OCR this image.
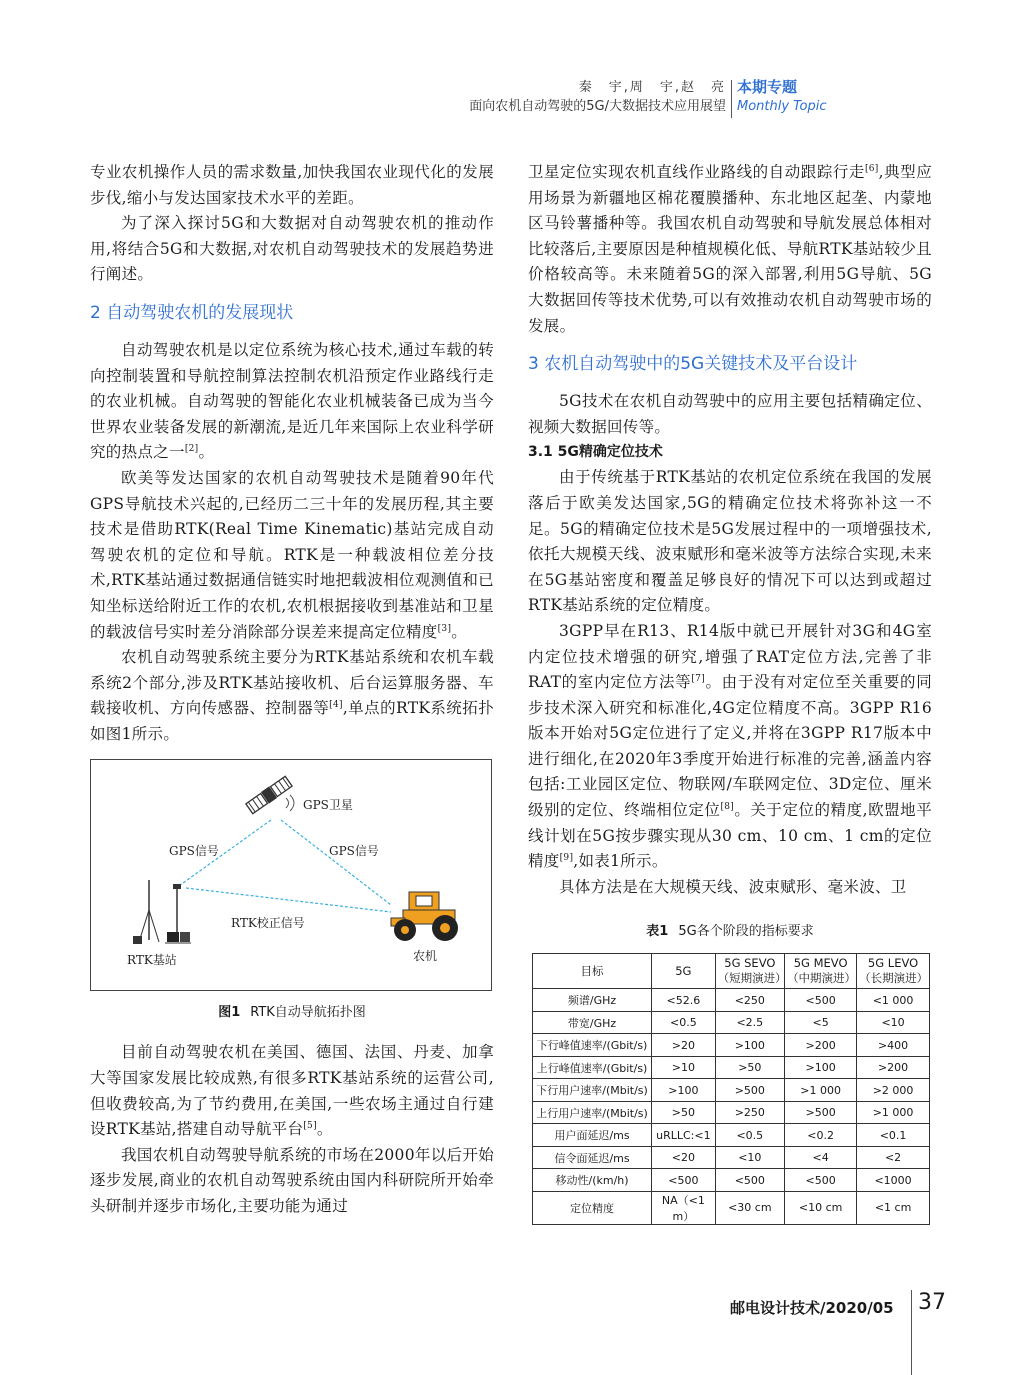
秦　宇,周　宇,赵　亮
面向农机自动驾驶的5G/大数据技术应用展望
本期专题
Monthly Topic

专业农机操作人员的需求数量,加快我国农业现代化的发展步伐,缩小与发达国家技术水平的差距。

为了深入探讨5G和大数据对自动驾驶农机的推动作用,将结合5G和大数据,对农机自动驾驶技术的发展趋势进行阐述。

2 自动驾驶农机的发展现状

自动驾驶农机是以定位系统为核心技术,通过车载的转向控制装置和导航控制算法控制农机沿预定作业路线行走的农业机械。自动驾驶的智能化农业机械装备已成为当今世界农业装备发展的新潮流,是近几年来国际上农业科学研究的热点之一[2]。

欧美等发达国家的农机自动驾驶技术是随着90年代GPS导航技术兴起的,已经历二三十年的发展历程,其主要技术是借助RTK(Real Time Kinematic)基站完成自动驾驶农机的定位和导航。RTK是一种载波相位差分技术,RTK基站通过数据通信链实时地把载波相位观测值和已知坐标送给附近工作的农机,农机根据接收到基准站和卫星的载波信号实时差分消除部分误差来提高定位精度[3]。

农机自动驾驶系统主要分为RTK基站系统和农机车载系统2个部分,涉及RTK基站接收机、后台运算服务器、车载接收机、方向传感器、控制器等[4],单点的RTK系统拓扑如图1所示。

GPS卫星
GPS信号	GPS信号
RTK校正信号
RTK基站	农机
图1 RTK自动导航拓扑图

目前自动驾驶农机在美国、德国、法国、丹麦、加拿大等国家发展比较成熟,有很多RTK基站系统的运营公司,但收费较高,为了节约费用,在美国,一些农场主通过自行建设RTK基站,搭建自动导航平台[5]。

我国农机自动驾驶导航系统的市场在2000年以后开始逐步发展,商业的农机自动驾驶系统由国内科研院所开始牵头研制并逐步市场化,主要功能为通过

卫星定位实现农机直线作业路线的自动跟踪行走[6],典型应用场景为新疆地区棉花覆膜播种、东北地区起垄、内蒙地区马铃薯播种等。我国农机自动驾驶和导航发展总体相对比较落后,主要原因是种植规模化低、导航RTK基站较少且价格较高等。未来随着5G的深入部署,利用5G导航、5G大数据回传等技术优势,可以有效推动农机自动驾驶市场的发展。

3 农机自动驾驶中的5G关键技术及平台设计

5G技术在农机自动驾驶中的应用主要包括精确定位、视频大数据回传等。

3.1 5G精确定位技术

由于传统基于RTK基站的农机定位系统在我国的发展落后于欧美发达国家,5G的精确定位技术将弥补这一不足。5G的精确定位技术是5G发展过程中的一项增强技术,依托大规模天线、波束赋形和毫米波等方法综合实现,未来在5G基站密度和覆盖足够良好的情况下可以达到或超过RTK基站系统的定位精度。

3GPP早在R13、R14版中就已开展针对3G和4G室内定位技术增强的研究,增强了RAT定位方法,完善了非RAT的室内定位方法等[7]。由于没有对定位至关重要的同步技术深入研究和标准化,4G定位精度不高。3GPP R16版本开始对5G定位进行了定义,并将在3GPP R17版本中进行细化,在2020年3季度开始进行标准的完善,涵盖内容包括:工业园区定位、物联网/车联网定位、3D定位、厘米级别的定位、终端相位定位[8]。关于定位的精度,欧盟地平线计划在5G按步骤实现从30 cm、10 cm、1 cm的定位精度[9],如表1所示。

具体方法是在大规模天线、波束赋形、毫米波、卫

表1 5G各个阶段的指标要求
目标	5G	5G SEVO（短期演进）	5G MEVO（中期演进）	5G LEVO（长期演进）
频谱/GHz	<52.6	<250	<500	<1 000
带宽/GHz	<0.5	<2.5	<5	<10
下行峰值速率/(Gbit/s)	>20	>100	>200	>400
上行峰值速率/(Gbit/s)	>10	>50	>100	>200
下行用户速率/(Mbit/s)	>100	>500	>1 000	>2 000
上行用户速率/(Mbit/s)	>50	>250	>500	>1 000
用户面延迟/ms	uRLLC:<1	<0.5	<0.2	<0.1
信令面延迟/ms	<20	<10	<4	<2
移动性/(km/h)	<500	<500	<500	<1000
定位精度	NA（<1 m）	<30 cm	<10 cm	<1 cm
邮电设计技术/2020/05 37
